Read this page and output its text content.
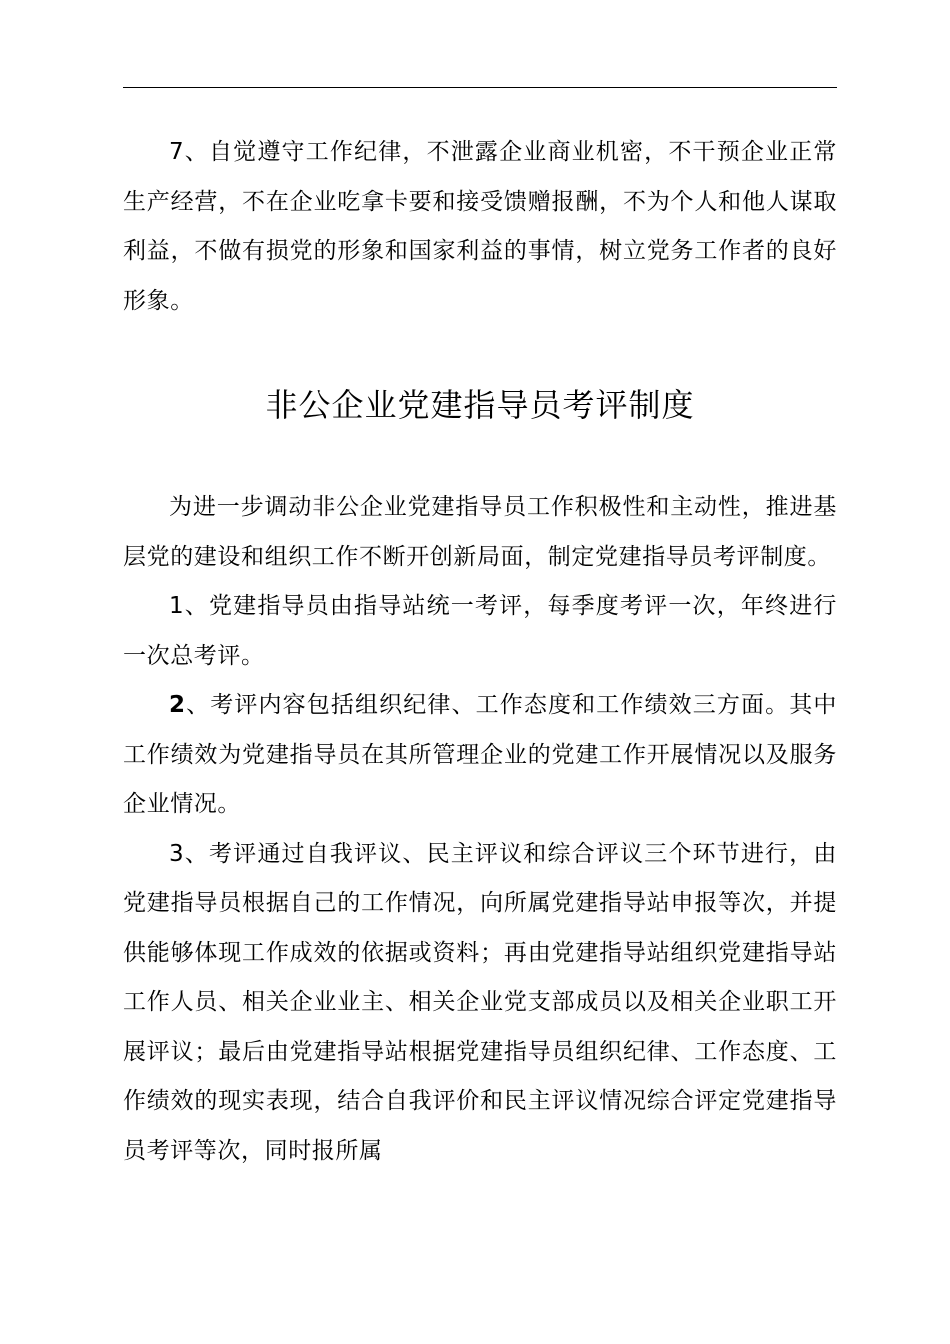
7、自觉遵守工作纪律，不泄露企业商业机密，不干预企业正常生产经营，不在企业吃拿卡要和接受馈赠报酬，不为个人和他人谋取利益，不做有损党的形象和国家利益的事情，树立党务工作者的良好形象。

非公企业党建指导员考评制度

为进一步调动非公企业党建指导员工作积极性和主动性，推进基层党的建设和组织工作不断开创新局面，制定党建指导员考评制度。

1、党建指导员由指导站统一考评，每季度考评一次，年终进行一次总考评。

2、考评内容包括组织纪律、工作态度和工作绩效三方面。其中工作绩效为党建指导员在其所管理企业的党建工作开展情况以及服务企业情况。

3、考评通过自我评议、民主评议和综合评议三个环节进行，由党建指导员根据自己的工作情况，向所属党建指导站申报等次，并提供能够体现工作成效的依据或资料；再由党建指导站组织党建指导站工作人员、相关企业业主、相关企业党支部成员以及相关企业职工开展评议；最后由党建指导站根据党建指导员组织纪律、工作态度、工作绩效的现实表现，结合自我评价和民主评议情况综合评定党建指导员考评等次，同时报所属
